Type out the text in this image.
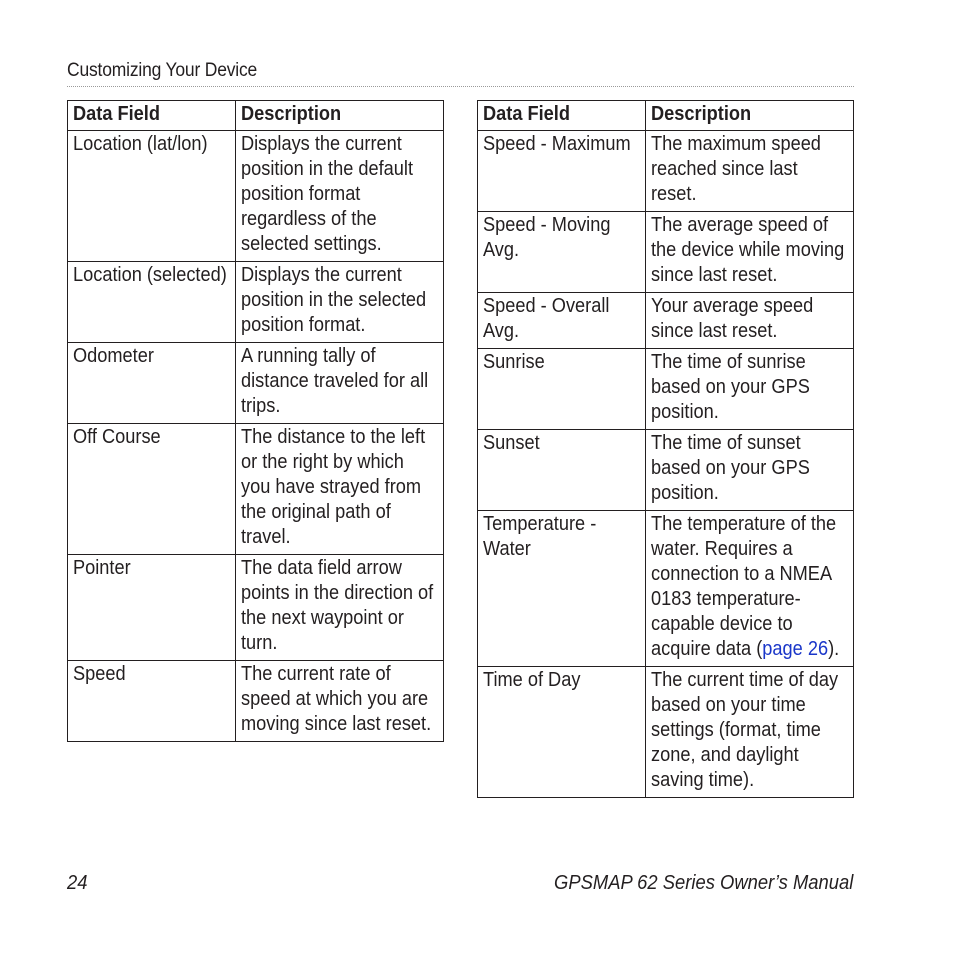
Customizing Your Device
Data Field	Description

Location (lat/lon)	Displays the current position in the default position format regardless of the selected settings.

Location (selected)	Displays the current position in the selected position format.

Odometer	A running tally of distance traveled for all trips.

Off Course	The distance to the left or the right by which you have strayed from the original path of travel.

Pointer	The data field arrow points in the direction of the next waypoint or turn.

Speed	The current rate of speed at which you are moving since last reset.
Data Field	Description

Speed - Maximum	The maximum speed reached since last reset.

Speed - Moving Avg.	The average speed of the device while moving since last reset.

Speed - Overall Avg.	Your average speed since last reset.

Sunrise	The time of sunrise based on your GPS position.

Sunset	The time of sunset based on your GPS position.

Temperature - Water	The temperature of the water. Requires a connection to a NMEA 0183 temperature-capable device to acquire data (page 26).

Time of Day	The current time of day based on your time settings (format, time zone, and daylight saving time).
24	GPSMAP 62 Series Owner’s Manual
